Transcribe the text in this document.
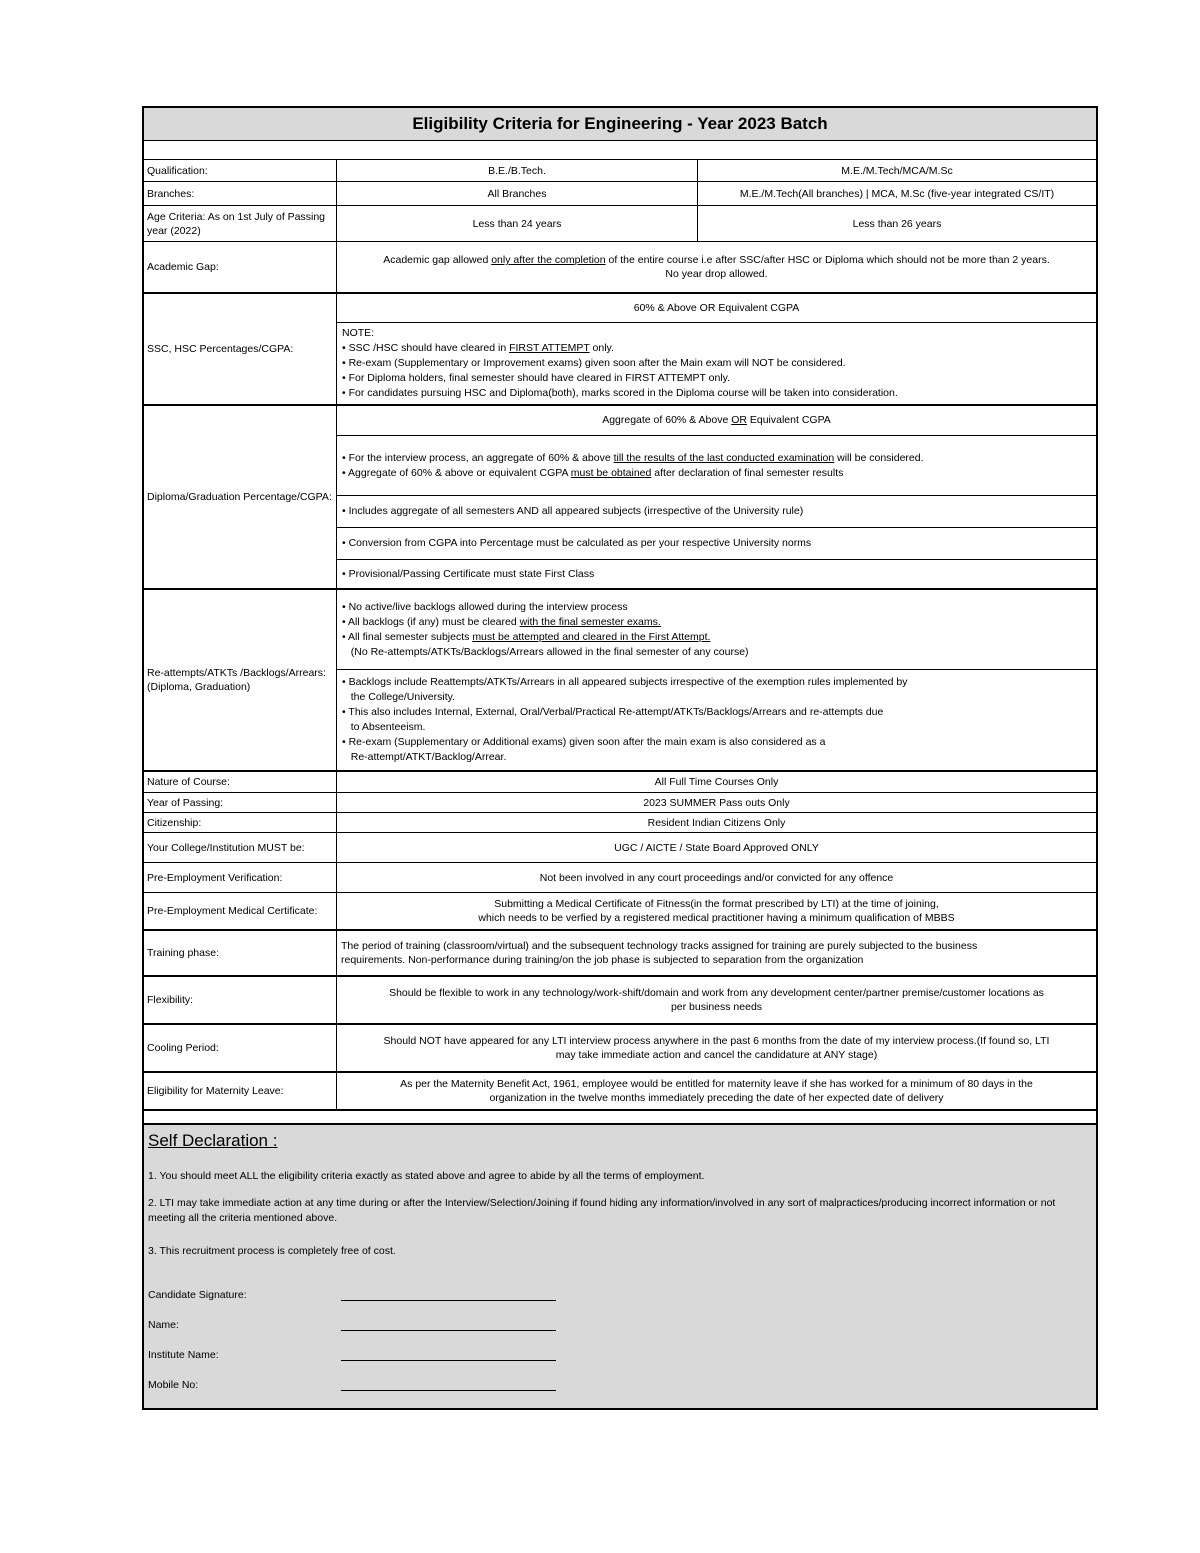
Eligibility Criteria for Engineering - Year 2023 Batch
Qualification:	B.E./B.Tech.	M.E./M.Tech/MCA/M.Sc
Branches:	All Branches	M.E./M.Tech(All branches) | MCA, M.Sc (five-year integrated CS/IT)
Age Criteria: As on 1st July of Passing year (2022)
Less than 24 years	Less than 26 years
Academic Gap:
Academic gap allowed only after the completion of the entire course i.e after SSC/after HSC or Diploma which should not be more than 2 years.
No year drop allowed.
SSC, HSC Percentages/CGPA:
60% & Above OR Equivalent CGPA
NOTE:
• SSC /HSC should have cleared in FIRST ATTEMPT only.
• Re-exam (Supplementary or Improvement exams) given soon after the Main exam will NOT be considered.
• For Diploma holders, final semester should have cleared in FIRST ATTEMPT only.
• For candidates pursuing HSC and Diploma(both), marks scored in the Diploma course will be taken into consideration.
Diploma/Graduation Percentage/CGPA:
Aggregate of 60% & Above OR Equivalent CGPA
• For the interview process, an aggregate of 60% & above till the results of the last conducted examination will be considered.
• Aggregate of 60% & above or equivalent CGPA must be obtained after declaration of final semester results
• Includes aggregate of all semesters AND all appeared subjects (irrespective of the University rule)
• Conversion from CGPA into Percentage must be calculated as per your respective University norms
• Provisional/Passing Certificate must state First Class
Re-attempts/ATKTs /Backlogs/Arrears: (Diploma, Graduation)
• No active/live backlogs allowed during the interview process
• All backlogs (if any) must be cleared with the final semester exams.
• All final semester subjects must be attempted and cleared in the First Attempt.
(No Re-attempts/ATKTs/Backlogs/Arrears allowed in the final semester of any course)
• Backlogs include Reattempts/ATKTs/Arrears in all appeared subjects irrespective of the exemption rules implemented by
the College/University.
• This also includes Internal, External, Oral/Verbal/Practical Re-attempt/ATKTs/Backlogs/Arrears and re-attempts due
to Absenteeism.
• Re-exam (Supplementary or Additional exams) given soon after the main exam is also considered as a
Re-attempt/ATKT/Backlog/Arrear.
Nature of Course:	All Full Time Courses Only
Year of Passing:	2023 SUMMER Pass outs Only
Citizenship:	Resident Indian Citizens Only
Your College/Institution MUST be:	UGC / AICTE / State Board Approved ONLY
Pre-Employment Verification:	Not been involved in any court proceedings and/or convicted for any offence
Pre-Employment Medical Certificate:
Submitting a Medical Certificate of Fitness(in the format prescribed by LTI) at the time of joining,
which needs to be verfied by a registered medical practitioner having a minimum qualification of MBBS
Training phase:
The period of training (classroom/virtual) and the subsequent technology tracks assigned for training are purely subjected to the business
requirements. Non-performance during training/on the job phase is subjected to separation from the organization
Flexibility:
Should be flexible to work in any technology/work-shift/domain and work from any development center/partner premise/customer locations as
per business needs
Cooling Period:
Should NOT have appeared for any LTI interview process anywhere in the past 6 months from the date of my interview process.(If found so, LTI
may take immediate action and cancel the candidature at ANY stage)
Eligibility for Maternity Leave:
As per the Maternity Benefit Act, 1961, employee would be entitled for maternity leave if she has worked for a minimum of 80 days in the
organization in the twelve months immediately preceding the date of her expected date of delivery
Self Declaration :

1. You should meet ALL the eligibility criteria exactly as stated above and agree to abide by all the terms of employment.

2. LTI may take immediate action at any time during or after the Interview/Selection/Joining if found hiding any information/involved in any sort of malpractices/producing incorrect information or not meeting all the criteria mentioned above.

3. This recruitment process is completely free of cost.

Candidate Signature:
Name:
Institute Name:
Mobile No:
